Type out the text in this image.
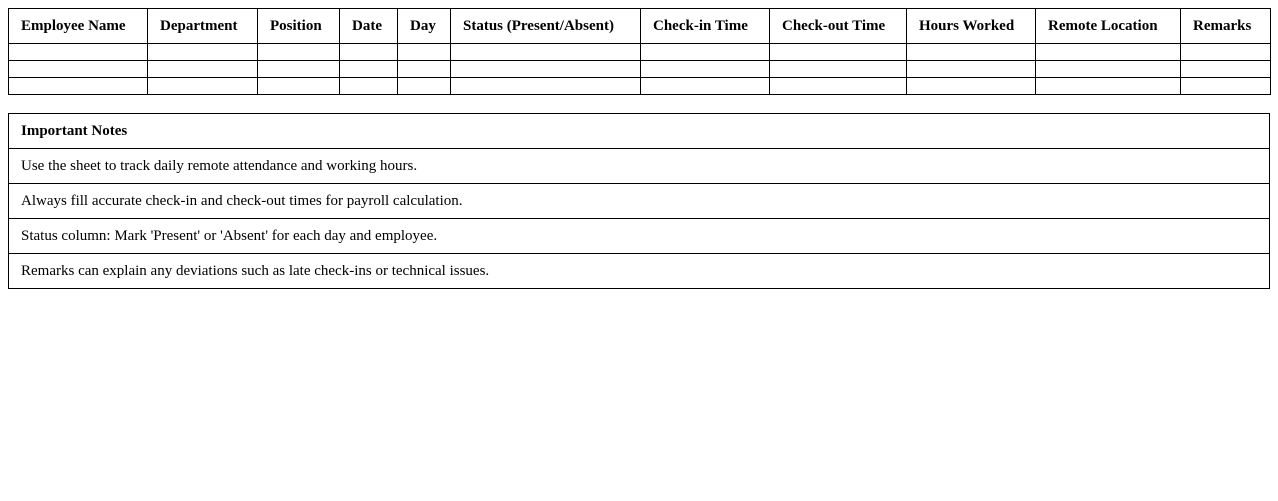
Employee Name	Department	Position	Date	Day	Status (Present/Absent)	Check-in Time	Check-out Time	Hours Worked	Remote Location	Remarks

Important Notes
Use the sheet to track daily remote attendance and working hours.
Always fill accurate check-in and check-out times for payroll calculation.
Status column: Mark 'Present' or 'Absent' for each day and employee.
Remarks can explain any deviations such as late check-ins or technical issues.
